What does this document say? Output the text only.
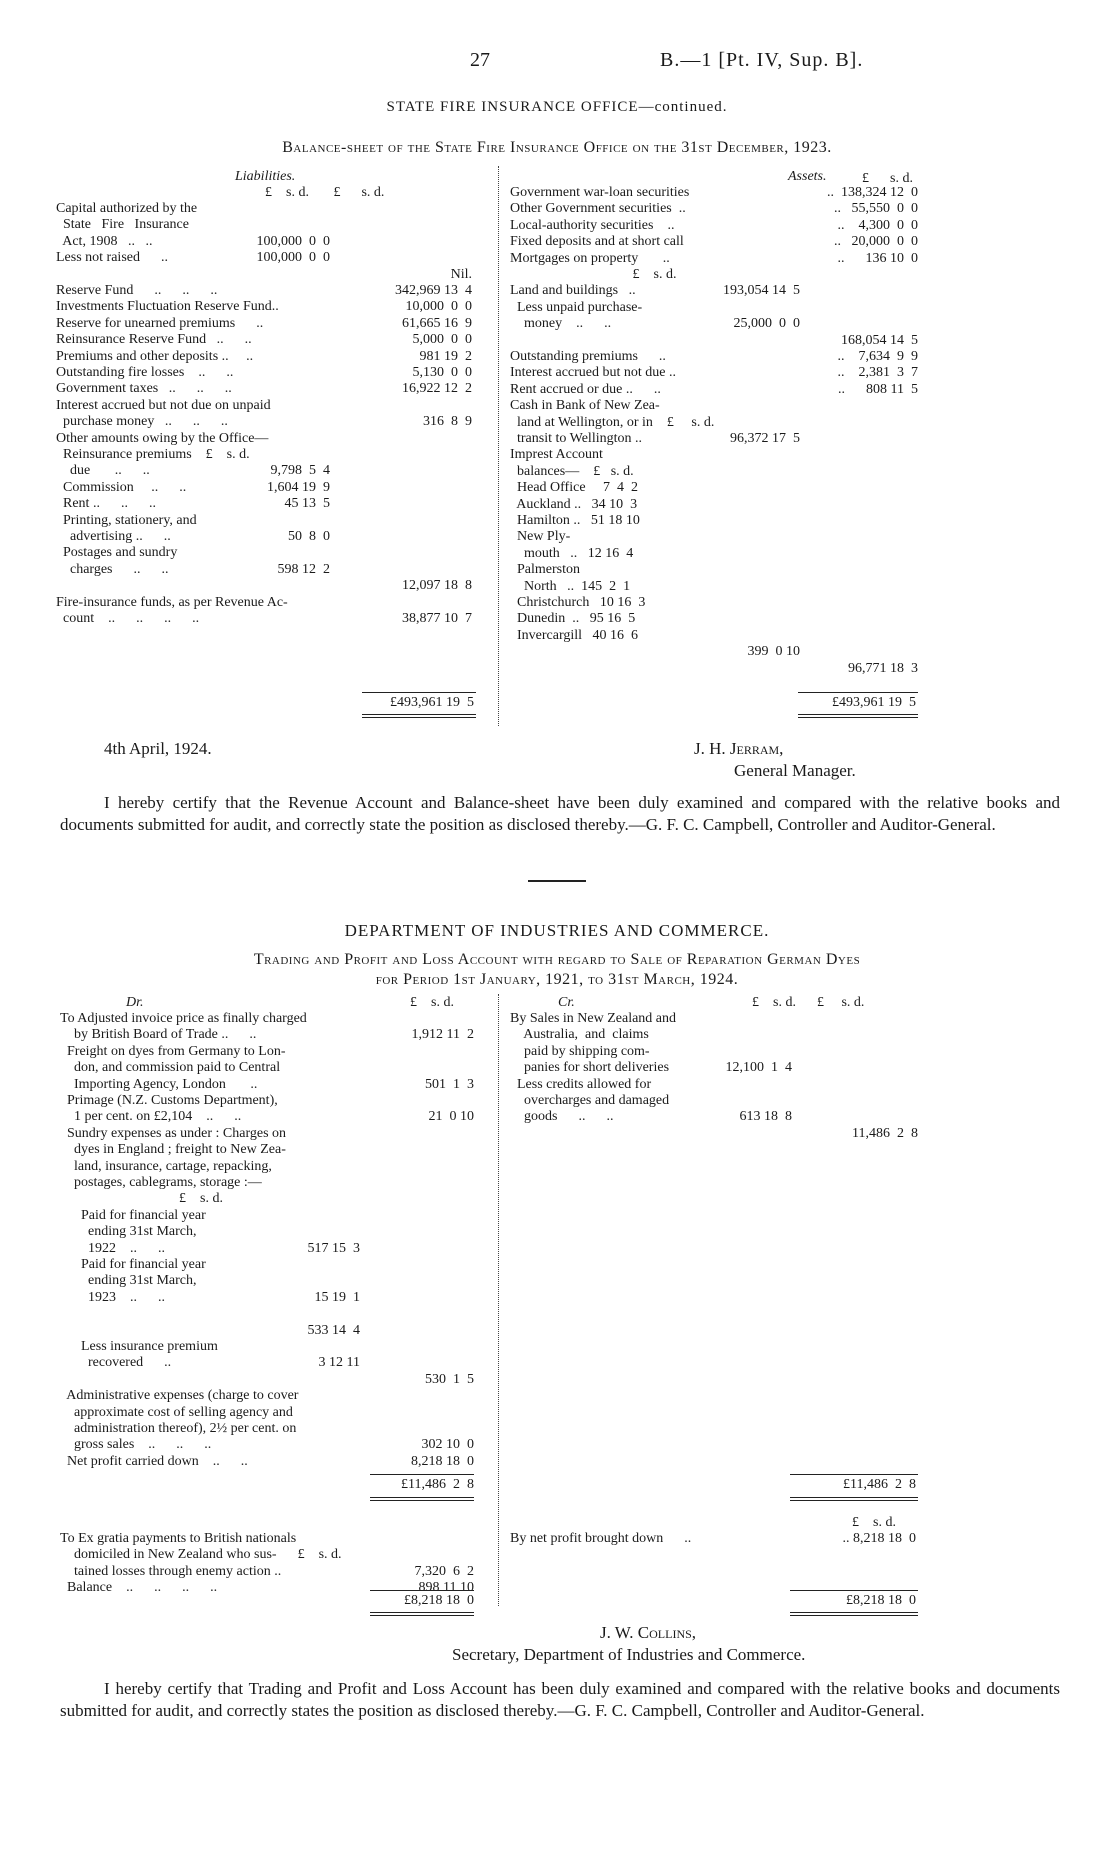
27	B.—1 [Pt. IV, Sup. B].
STATE FIRE INSURANCE OFFICE—continued.
Balance-sheet of the State Fire Insurance Office on the 31st December, 1923.
Liabilities.
£    s. d.       £      s. d.
Capital authorized by the
State   Fire   Insurance
Act, 1908   ..   ..	100,000  0  0
Less not raised      ..	100,000  0  0
Nil.
Reserve Fund      ..      ..      ..	342,969 13  4
Investments Fluctuation Reserve Fund..	10,000  0  0
Reserve for unearned premiums      ..	61,665 16  9
Reinsurance Reserve Fund   ..      ..	5,000  0  0
Premiums and other deposits ..     ..	981 19  2
Outstanding fire losses    ..      ..	5,130  0  0
Government taxes   ..      ..      ..	16,922 12  2
Interest accrued but not due on unpaid
purchase money   ..      ..      ..	316  8  9
Other amounts owing by the Office—
Reinsurance premiums    £    s. d.
due       ..      ..	9,798  5  4
Commission     ..      ..	1,604 19  9
Rent ..      ..      ..	45 13  5
Printing, stationery, and
advertising ..      ..	50  8  0
Postages and sundry
charges      ..      ..	598 12  2
12,097 18  8
Fire-insurance funds, as per Revenue Ac-
count    ..      ..      ..      ..	38,877 10  7
Assets.	£      s. d.
Government war-loan securities	..  138,324 12  0
Other Government securities  ..	..   55,550  0  0
Local-authority securities    ..	..    4,300  0  0
Fixed deposits and at short call	..   20,000  0  0
Mortgages on property       ..	..      136 10  0
£    s. d.
Land and buildings   ..	193,054 14  5
Less unpaid purchase-
money    ..      ..	25,000  0  0
168,054 14  5
Outstanding premiums      ..	..    7,634  9  9
Interest accrued but not due ..	..    2,381  3  7
Rent accrued or due ..      ..	..      808 11  5
Cash in Bank of New Zea-
land at Wellington, or in    £     s. d.
transit to Wellington ..	96,372 17  5
Imprest Account
balances—    £   s. d.
Head Office     7  4  2
Auckland ..   34 10  3
Hamilton ..   51 18 10
New Ply-
mouth   ..   12 16  4
Palmerston
North   ..  145  2  1
Christchurch   10 16  3
Dunedin  ..   95 16  5
Invercargill   40 16  6
399  0 10
96,771 18  3
£493,961 19  5	£493,961 19  5
4th April, 1924.	J. H. Jerram,
General Manager.

I hereby certify that the Revenue Account and Balance-sheet have been duly examined and compared with the relative books and documents submitted for audit, and correctly state the position as disclosed thereby.—G. F. C. Campbell, Controller and Auditor-General.

DEPARTMENT OF INDUSTRIES AND COMMERCE.
Trading and Profit and Loss Account with regard to Sale of Reparation German Dyes
for Period 1st January, 1921, to 31st March, 1924.
Dr.	£    s. d.	Cr.	£    s. d.      £     s. d.
To Adjusted invoice price as finally charged
by British Board of Trade ..      ..	1,912 11  2
Freight on dyes from Germany to Lon-
don, and commission paid to Central
Importing Agency, London       ..	501  1  3
Primage (N.Z. Customs Department),
1 per cent. on £2,104    ..      ..	21  0 10
Sundry expenses as under : Charges on
dyes in England ; freight to New Zea-
land, insurance, cartage, repacking,
postages, cablegrams, storage :—
£    s. d.
Paid for financial year
ending 31st March,
1922    ..      ..	517 15  3
Paid for financial year
ending 31st March,
1923    ..      ..	15 19  1
533 14  4
Less insurance premium
recovered      ..	3 12 11
530  1  5
Administrative expenses (charge to cover
approximate cost of selling agency and
administration thereof), 2½ per cent. on
gross sales    ..      ..      ..	302 10  0
Net profit carried down    ..      ..	8,218 18  0
By Sales in New Zealand and
Australia,  and  claims
paid by shipping com-
panies for short deliveries	12,100  1  4
Less credits allowed for
overcharges and damaged
goods      ..      ..	613 18  8
11,486  2  8
£11,486  2  8	£11,486  2  8
To Ex gratia payments to British nationals
domiciled in New Zealand who sus-      £    s. d.
tained losses through enemy action ..	7,320  6  2
Balance    ..      ..      ..      ..	898 11 10
£    s. d.
By net profit brought down      ..	.. 8,218 18  0
£8,218 18  0	£8,218 18  0
J. W. Collins,
Secretary, Department of Industries and Commerce.

I hereby certify that Trading and Profit and Loss Account has been duly examined and compared with the relative books and documents submitted for audit, and correctly states the position as disclosed thereby.—G. F. C. Campbell, Controller and Auditor-General.
